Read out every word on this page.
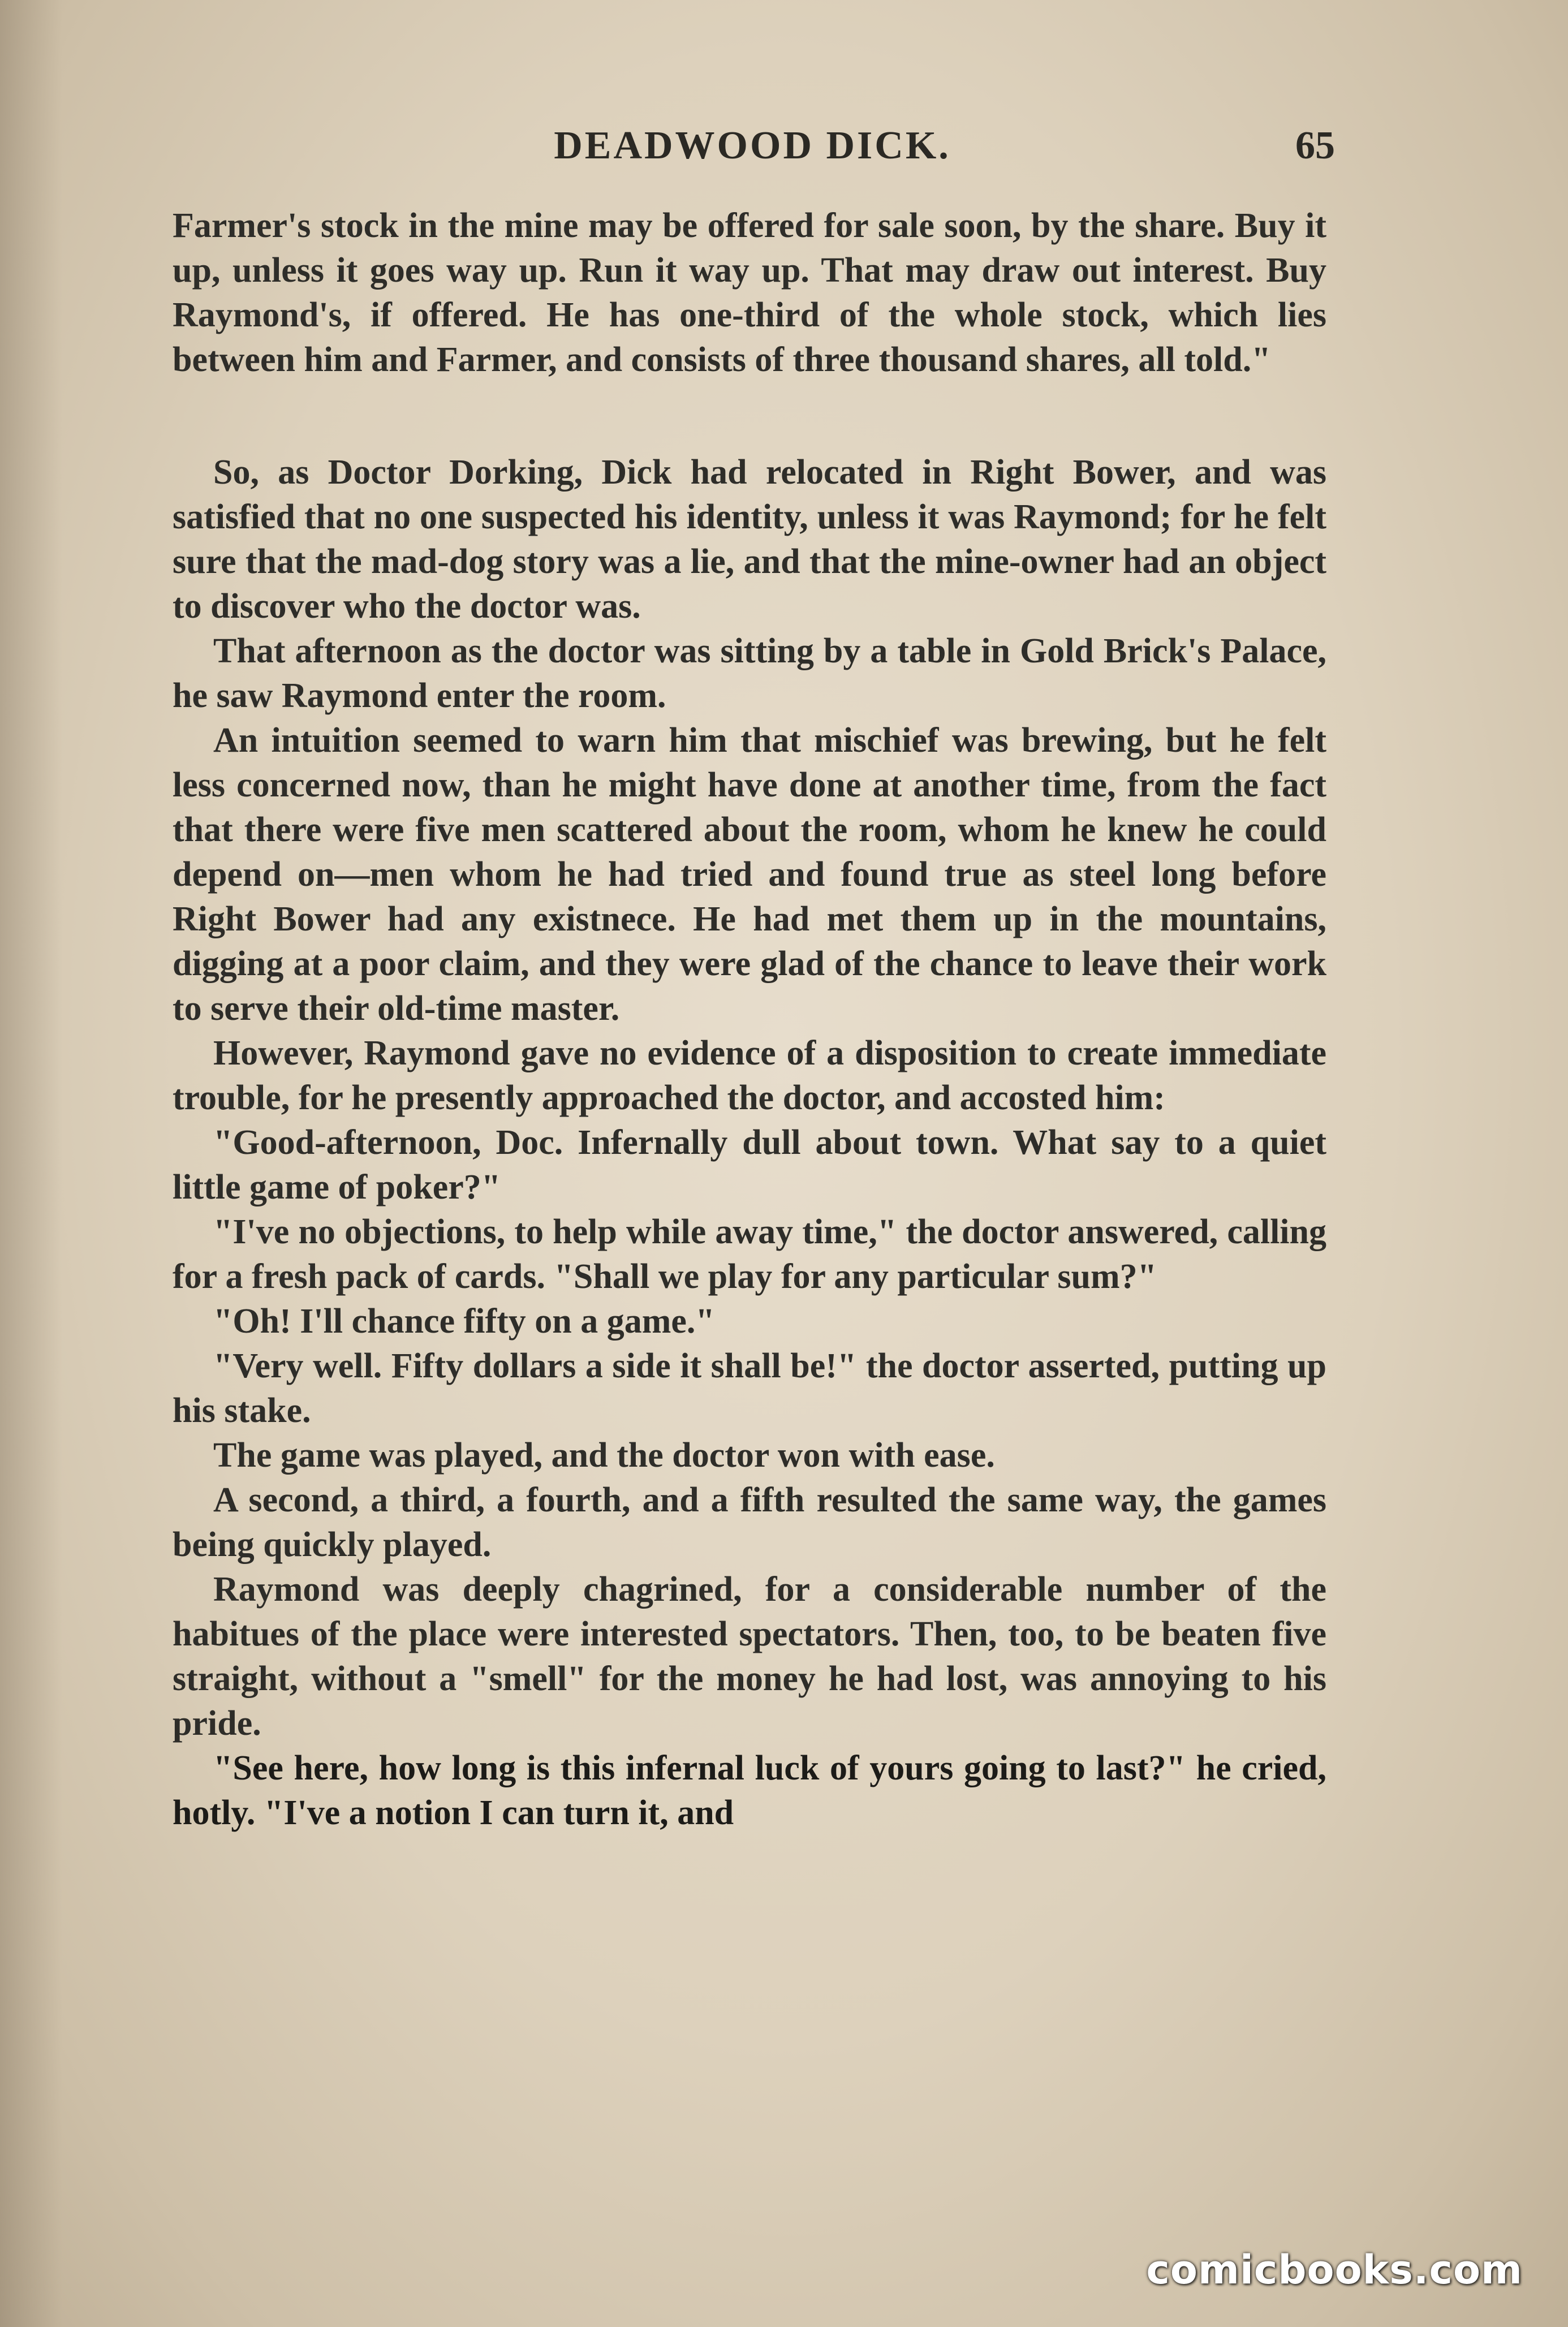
DEADWOOD DICK.	65

Farmer's stock in the mine may be offered for sale soon, by the share. Buy it up, unless it goes way up. Run it way up. That may draw out interest. Buy Raymond's, if offered. He has one-third of the whole stock, which lies between him and Farmer, and consists of three thousand shares, all told."

So, as Doctor Dorking, Dick had relocated in Right Bower, and was satisfied that no one suspected his identity, unless it was Raymond; for he felt sure that the mad-dog story was a lie, and that the mine-owner had an object to discover who the doctor was.

That afternoon as the doctor was sitting by a table in Gold Brick's Palace, he saw Raymond enter the room.

An intuition seemed to warn him that mischief was brewing, but he felt less concerned now, than he might have done at another time, from the fact that there were five men scattered about the room, whom he knew he could depend on—men whom he had tried and found true as steel long before Right Bower had any existnece. He had met them up in the mountains, digging at a poor claim, and they were glad of the chance to leave their work to serve their old-time master.

However, Raymond gave no evidence of a disposition to create immediate trouble, for he presently approached the doctor, and accosted him:

"Good-afternoon, Doc. Infernally dull about town. What say to a quiet little game of poker?"

"I've no objections, to help while away time," the doctor answered, calling for a fresh pack of cards. "Shall we play for any particular sum?"

"Oh! I'll chance fifty on a game."

"Very well. Fifty dollars a side it shall be!" the doctor asserted, putting up his stake.

The game was played, and the doctor won with ease.

A second, a third, a fourth, and a fifth resulted the same way, the games being quickly played.

Raymond was deeply chagrined, for a considerable number of the habitues of the place were interested spectators. Then, too, to be beaten five straight, without a "smell" for the money he had lost, was annoying to his pride.

"See here, how long is this infernal luck of yours going to last?" he cried, hotly. "I've a notion I can turn it, and

comicbooks.com
